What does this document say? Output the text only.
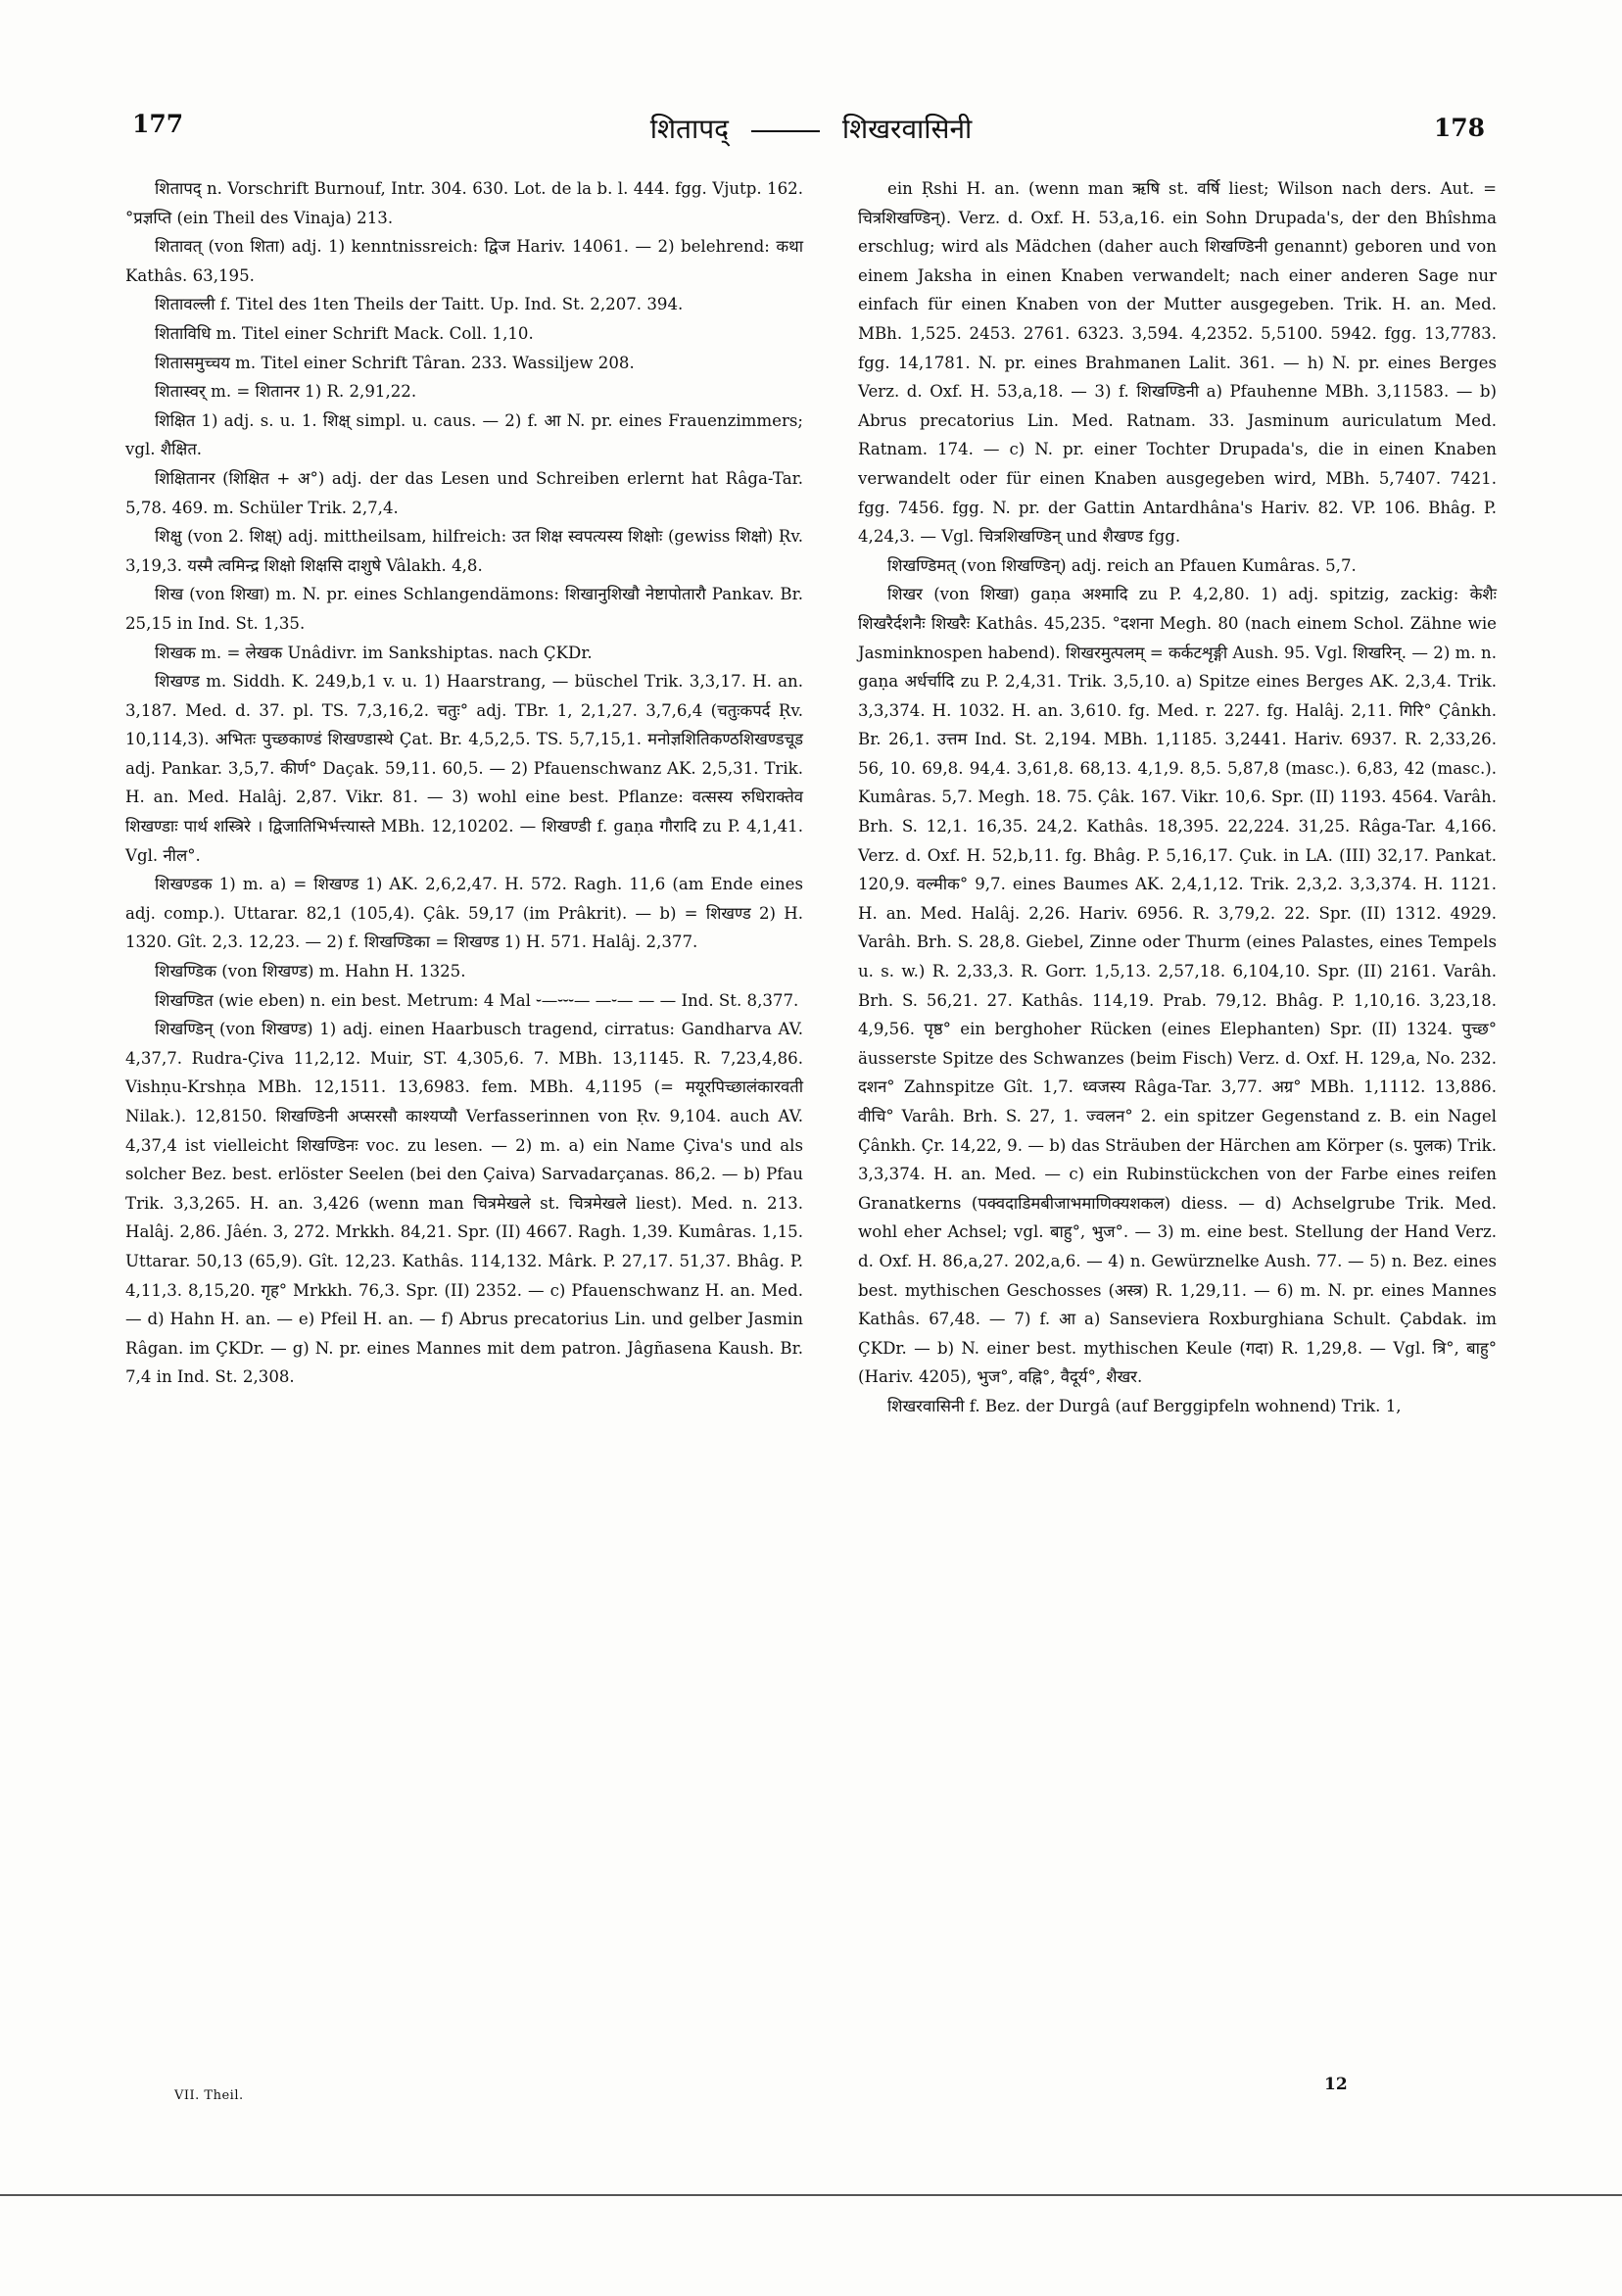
177	शितापद्	शिखरवासिनी	178

शितापद् n. Vorschrift Burnouf, Intr. 304. 630. Lot. de la b. l. 444. fgg. Vjutp. 162. °प्रज्ञप्ति (ein Theil des Vinaja) 213.

शितावत् (von शिता) adj. 1) kenntnissreich: द्विज Hariv. 14061. — 2) belehrend: कथा Kathâs. 63,195.

शितावल्ली f. Titel des 1ten Theils der Taitt. Up. Ind. St. 2,207. 394.

शिताविधि m. Titel einer Schrift Mack. Coll. 1,10.

शितासमुच्चय m. Titel einer Schrift Târan. 233. Wassiljew 208.

शितास्वर् m. = शितानर 1) R. 2,91,22.

शिक्षित 1) adj. s. u. 1. शिक्ष् simpl. u. caus. — 2) f. आ N. pr. eines Frauenzimmers; vgl. शैक्षित.

शिक्षितानर (शिक्षित + अ°) adj. der das Lesen und Schreiben erlernt hat Râga-Tar. 5,78. 469. m. Schüler Trik. 2,7,4.

शिक्षु (von 2. शिक्ष्) adj. mittheilsam, hilfreich: उत शिक्ष स्वपत्यस्य शिक्षोः (gewiss शिक्षो) Ṛv. 3,19,3. यस्मै त्वमिन्द्र शिक्षो शिक्षसि दाशुषे Vâlakh. 4,8.

शिख (von शिखा) m. N. pr. eines Schlangendämons: शिखानुशिखौ नेष्टापोतारौ Pankav. Br. 25,15 in Ind. St. 1,35.

शिखक m. = लेखक Unâdivr. im Sankshiptas. nach ÇKDr.

शिखण्ड m. Siddh. K. 249,b,1 v. u. 1) Haarstrang, — büschel Trik. 3,3,17. H. an. 3,187. Med. d. 37. pl. TS. 7,3,16,2. चतुः° adj. TBr. 1, 2,1,27. 3,7,6,4 (चतुःकपर्द Ṛv. 10,114,3). अभितः पुच्छकाण्डं शिखण्डास्थे Çat. Br. 4,5,2,5. TS. 5,7,15,1. मनोज्ञशितिकण्ठशिखण्डचूड adj. Pankar. 3,5,7. कीर्ण° Daçak. 59,11. 60,5. — 2) Pfauenschwanz AK. 2,5,31. Trik. H. an. Med. Halâj. 2,87. Vikr. 81. — 3) wohl eine best. Pflanze: वत्सस्य रुधिराक्तेव शिखण्डाः पार्थ शस्त्रिरे । द्विजातिभिर्भत्त्यास्ते MBh. 12,10202. — शिखण्डी f. gaṇa गौरादि zu P. 4,1,41. Vgl. नील°.

शिखण्डक 1) m. a) = शिखण्ड 1) AK. 2,6,2,47. H. 572. Ragh. 11,6 (am Ende eines adj. comp.). Uttarar. 82,1 (105,4). Çâk. 59,17 (im Prâkrit). — b) = शिखण्ड 2) H. 1320. Gît. 2,3. 12,23. — 2) f. शिखण्डिका = शिखण्ड 1) H. 571. Halâj. 2,377.

शिखण्डिक (von शिखण्ड) m. Hahn H. 1325.

शिखण्डित (wie eben) n. ein best. Metrum: 4 Mal ⏑—⏑⏑⏑— —⏑— — — Ind. St. 8,377.

शिखण्डिन् (von शिखण्ड) 1) adj. einen Haarbusch tragend, cirratus: Gandharva AV. 4,37,7. Rudra-Çiva 11,2,12. Muir, ST. 4,305,6. 7. MBh. 13,1145. R. 7,23,4,86. Vishṇu-Krshṇa MBh. 12,1511. 13,6983. fem. MBh. 4,1195 (= मयूरपिच्छालंकारवती Nilak.). 12,8150. शिखण्डिनी अप्सरसौ काश्यप्यौ Verfasserinnen von Ṛv. 9,104. auch AV. 4,37,4 ist vielleicht शिखण्डिनः voc. zu lesen. — 2) m. a) ein Name Çiva's und als solcher Bez. best. erlöster Seelen (bei den Çaiva) Sarvadarçanas. 86,2. — b) Pfau Trik. 3,3,265. H. an. 3,426 (wenn man चित्रमेखले st. चित्रमेखले liest). Med. n. 213. Halâj. 2,86. Jâén. 3, 272. Mrkkh. 84,21. Spr. (II) 4667. Ragh. 1,39. Kumâras. 1,15. Uttarar. 50,13 (65,9). Gît. 12,23. Kathâs. 114,132. Mârk. P. 27,17. 51,37. Bhâg. P. 4,11,3. 8,15,20. गृह° Mrkkh. 76,3. Spr. (II) 2352. — c) Pfauenschwanz H. an. Med. — d) Hahn H. an. — e) Pfeil H. an. — f) Abrus precatorius Lin. und gelber Jasmin Râgan. im ÇKDr. — g) N. pr. eines Mannes mit dem patron. Jâgñasena Kaush. Br. 7,4 in Ind. St. 2,308.

VII. Theil.

ein Ṛshi H. an. (wenn man ऋषि st. वर्षि liest; Wilson nach ders. Aut. = चित्रशिखण्डिन्). Verz. d. Oxf. H. 53,a,16. ein Sohn Drupada's, der den Bhîshma erschlug; wird als Mädchen (daher auch शिखण्डिनी genannt) geboren und von einem Jaksha in einen Knaben verwandelt; nach einer anderen Sage nur einfach für einen Knaben von der Mutter ausgegeben. Trik. H. an. Med. MBh. 1,525. 2453. 2761. 6323. 3,594. 4,2352. 5,5100. 5942. fgg. 13,7783. fgg. 14,1781. N. pr. eines Brahmanen Lalit. 361. — h) N. pr. eines Berges Verz. d. Oxf. H. 53,a,18. — 3) f. शिखण्डिनी a) Pfauhenne MBh. 3,11583. — b) Abrus precatorius Lin. Med. Ratnam. 33. Jasminum auriculatum Med. Ratnam. 174. — c) N. pr. einer Tochter Drupada's, die in einen Knaben verwandelt oder für einen Knaben ausgegeben wird, MBh. 5,7407. 7421. fgg. 7456. fgg. N. pr. der Gattin Antardhâna's Hariv. 82. VP. 106. Bhâg. P. 4,24,3. — Vgl. चित्रशिखण्डिन् und शैखण्ड fgg.

शिखण्डिमत् (von शिखण्डिन्) adj. reich an Pfauen Kumâras. 5,7.

शिखर (von शिखा) gaṇa अश्मादि zu P. 4,2,80. 1) adj. spitzig, zackig: केशैः शिखरैर्दशनैः शिखरैः Kathâs. 45,235. °दशना Megh. 80 (nach einem Schol. Zähne wie Jasminknospen habend). शिखरमुत्पलम् = कर्कटशृङ्गी Aush. 95. Vgl. शिखरिन्. — 2) m. n. gaṇa अर्धर्चादि zu P. 2,4,31. Trik. 3,5,10. a) Spitze eines Berges AK. 2,3,4. Trik. 3,3,374. H. 1032. H. an. 3,610. fg. Med. r. 227. fg. Halâj. 2,11. गिरि° Çânkh. Br. 26,1. उत्तम Ind. St. 2,194. MBh. 1,1185. 3,2441. Hariv. 6937. R. 2,33,26. 56, 10. 69,8. 94,4. 3,61,8. 68,13. 4,1,9. 8,5. 5,87,8 (masc.). 6,83, 42 (masc.). Kumâras. 5,7. Megh. 18. 75. Çâk. 167. Vikr. 10,6. Spr. (II) 1193. 4564. Varâh. Brh. S. 12,1. 16,35. 24,2. Kathâs. 18,395. 22,224. 31,25. Râga-Tar. 4,166. Verz. d. Oxf. H. 52,b,11. fg. Bhâg. P. 5,16,17. Çuk. in LA. (III) 32,17. Pankat. 120,9. वल्मीक° 9,7. eines Baumes AK. 2,4,1,12. Trik. 2,3,2. 3,3,374. H. 1121. H. an. Med. Halâj. 2,26. Hariv. 6956. R. 3,79,2. 22. Spr. (II) 1312. 4929. Varâh. Brh. S. 28,8. Giebel, Zinne oder Thurm (eines Palastes, eines Tempels u. s. w.) R. 2,33,3. R. Gorr. 1,5,13. 2,57,18. 6,104,10. Spr. (II) 2161. Varâh. Brh. S. 56,21. 27. Kathâs. 114,19. Prab. 79,12. Bhâg. P. 1,10,16. 3,23,18. 4,9,56. पृष्ठ° ein berghoher Rücken (eines Elephanten) Spr. (II) 1324. पुच्छ° äusserste Spitze des Schwanzes (beim Fisch) Verz. d. Oxf. H. 129,a, No. 232. दशन° Zahnspitze Gît. 1,7. ध्वजस्य Râga-Tar. 3,77. अग्र° MBh. 1,1112. 13,886. वीचि° Varâh. Brh. S. 27, 1. ज्वलन° 2. ein spitzer Gegenstand z. B. ein Nagel Çânkh. Çr. 14,22, 9. — b) das Sträuben der Härchen am Körper (s. पुलक) Trik. 3,3,374. H. an. Med. — c) ein Rubinstückchen von der Farbe eines reifen Granatkerns (पक्वदाडिमबीजाभमाणिक्यशकल) diess. — d) Achselgrube Trik. Med. wohl eher Achsel; vgl. बाहु°, भुज°. — 3) m. eine best. Stellung der Hand Verz. d. Oxf. H. 86,a,27. 202,a,6. — 4) n. Gewürznelke Aush. 77. — 5) n. Bez. eines best. mythischen Geschosses (अस्त्र) R. 1,29,11. — 6) m. N. pr. eines Mannes Kathâs. 67,48. — 7) f. आ a) Sanseviera Roxburghiana Schult. Çabdak. im ÇKDr. — b) N. einer best. mythischen Keule (गदा) R. 1,29,8. — Vgl. त्रि°, बाहु° (Hariv. 4205), भुज°, वह्नि°, वैदूर्य°, शैखर.

शिखरवासिनी f. Bez. der Durgâ (auf Berggipfeln wohnend) Trik. 1,

12
